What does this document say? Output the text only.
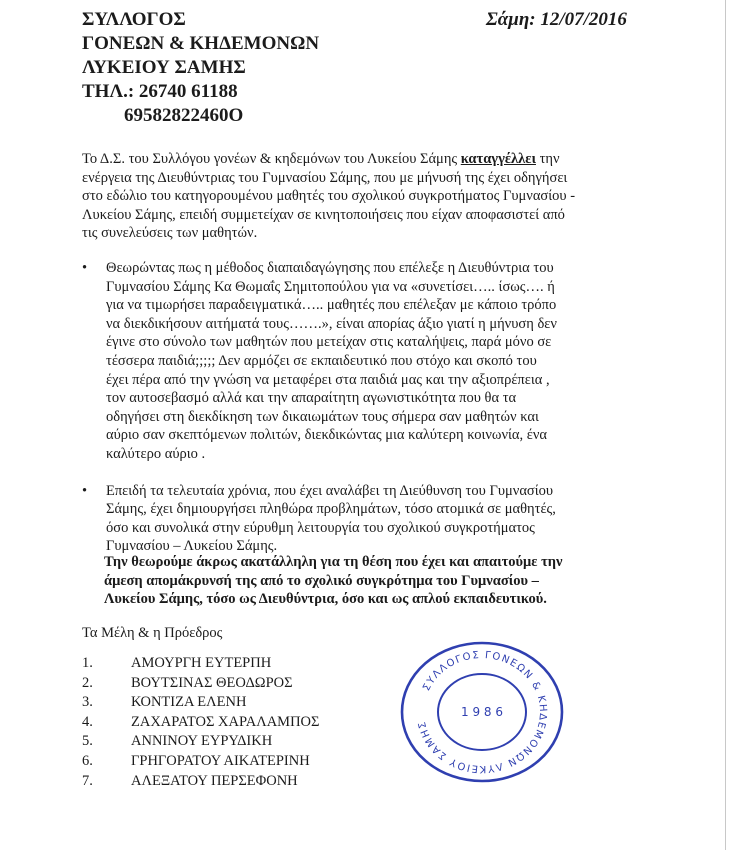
ΣΥΛΛΟΓΟΣ
ΓΟΝΕΩΝ & ΚΗΔΕΜΟΝΩΝ
ΛΥΚΕΙΟΥ ΣΑΜΗΣ
ΤΗΛ.: 26740 61188
69582822460О
Σάμη: 12/07/2016
Το Δ.Σ. του Συλλόγου γονέων & κηδεμόνων του Λυκείου Σάμης καταγγέλλει την
ενέργεια της Διευθύντριας του Γυμνασίου Σάμης, που με μήνυσή της έχει οδηγήσει
στο εδώλιο του κατηγορουμένου μαθητές του σχολικού συγκροτήματος Γυμνασίου -
Λυκείου Σάμης, επειδή συμμετείχαν σε κινητοποιήσεις που είχαν αποφασιστεί από
τις συνελεύσεις των μαθητών.
• Θεωρώντας πως η μέθοδος διαπαιδαγώγησης που επέλεξε η Διευθύντρια του
Γυμνασίου Σάμης Κα Θωμαΐς Σημιτοπούλου για να «συνετίσει….. ίσως…. ή
για να τιμωρήσει παραδειγματικά….. μαθητές που επέλεξαν με κάποιο τρόπο
να διεκδικήσουν αιτήματά τους…….», είναι απορίας άξιο γιατί η μήνυση δεν
έγινε στο σύνολο των μαθητών που μετείχαν στις καταλήψεις, παρά μόνο σε
τέσσερα παιδιά;;;;; Δεν αρμόζει σε εκπαιδευτικό που στόχο και σκοπό του
έχει πέρα από την γνώση να μεταφέρει στα παιδιά μας και την αξιοπρέπεια ,
τον αυτοσεβασμό αλλά και την απαραίτητη αγωνιστικότητα που θα τα
οδηγήσει στη διεκδίκηση των δικαιωμάτων τους σήμερα σαν μαθητών και
αύριο σαν σκεπτόμενων πολιτών, διεκδικώντας μια καλύτερη κοινωνία, ένα
καλύτερο αύριο .
• Επειδή τα τελευταία χρόνια, που έχει αναλάβει τη Διεύθυνση του Γυμνασίου
Σάμης, έχει δημιουργήσει πληθώρα προβλημάτων, τόσο ατομικά σε μαθητές,
όσο και συνολικά στην εύρυθμη λειτουργία του σχολικού συγκροτήματος
Γυμνασίου – Λυκείου Σάμης.
Την θεωρούμε άκρως ακατάλληλη για τη θέση που έχει και απαιτούμε την
άμεση απομάκρυνσή της από το σχολικό συγκρότημα του Γυμνασίου –
Λυκείου Σάμης, τόσο ως Διευθύντρια, όσο και ως απλού εκπαιδευτικού.
Τα Μέλη & η Πρόεδρος
1.	ΑΜΟΥΡΓΗ ΕΥΤΕΡΠΗ
2.	ΒΟΥΤΣΙΝΑΣ ΘΕΟΔΩΡΟΣ
3.	ΚΟΝΤΙΖΑ ΕΛΕΝΗ
4.	ΖΑΧΑΡΑΤΟΣ ΧΑΡΑΛΑΜΠΟΣ
5.	ΑΝΝΙΝΟΥ ΕΥΡΥΔΙΚΗ
6.	ΓΡΗΓΟΡΑΤΟΥ ΑΙΚΑΤΕΡΙΝΗ
7.	ΑΛΕΞΑΤΟΥ ΠΕΡΣΕΦΟΝΗ
ΣΥΛΛΟΓΟΣ ΓΟΝΕΩΝ & ΚΗΔΕΜΟΝΩΝ ΛΥΚΕΙΟΥ ΣΑΜΗΣ
1 9 8 6
